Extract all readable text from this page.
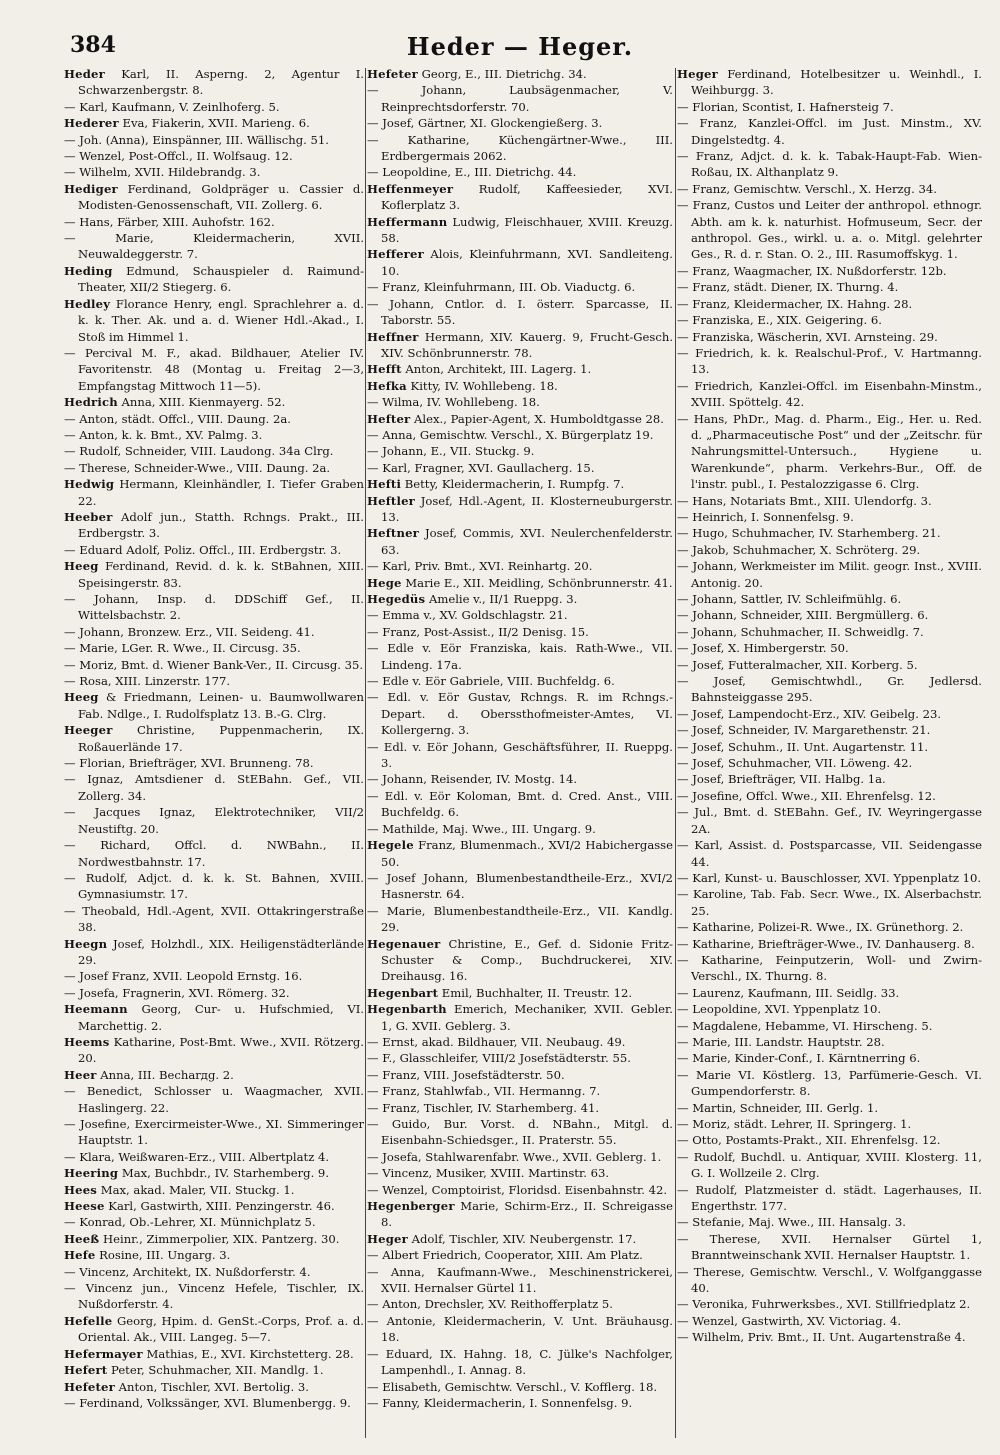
384	Heder — Heger.

Heder Karl, II. Asperng. 2, Agentur I. Schwarzenbergstr. 8.

— Karl, Kaufmann, V. Zeinlhoferg. 5.

Hederer Eva, Fiakerin, XVII. Marieng. 6.

— Joh. (Anna), Einspänner, III. Wällischg. 51.

— Wenzel, Post-Offcl., II. Wolfsaug. 12.

— Wilhelm, XVII. Hildebrandg. 3.

Hediger Ferdinand, Goldpräger u. Cassier d. Modisten-Genossenschaft, VII. Zollerg. 6.

— Hans, Färber, XIII. Auhofstr. 162.

— Marie, Kleidermacherin, XVII. Neuwaldeggerstr. 7.

Heding Edmund, Schauspieler d. Raimund-Theater, XII/2 Stiegerg. 6.

Hedley Florance Henry, engl. Sprachlehrer a. d. k. k. Ther. Ak. und a. d. Wiener Hdl.-Akad., I. Stoß im Himmel 1.

— Percival M. F., akad. Bildhauer, Atelier IV. Favoritenstr. 48 (Montag u. Freitag 2—3, Empfangstag Mittwoch 11—5).

Hedrich Anna, XIII. Kienmayerg. 52.

— Anton, städt. Offcl., VIII. Daung. 2a.

— Anton, k. k. Bmt., XV. Palmg. 3.

— Rudolf, Schneider, VIII. Laudong. 34a Clrg.

— Therese, Schneider-Wwe., VIII. Daung. 2a.

Hedwig Hermann, Kleinhändler, I. Tiefer Graben 22.

Heeber Adolf jun., Statth. Rchngs. Prakt., III. Erdbergstr. 3.

— Eduard Adolf, Poliz. Offcl., III. Erdbergstr. 3.

Heeg Ferdinand, Revid. d. k. k. StBahnen, XIII. Speisingerstr. 83.

— Johann, Insp. d. DDSchiff Gef., II. Wittelsbachstr. 2.

— Johann, Bronzew. Erz., VII. Seideng. 41.

— Marie, LGer. R. Wwe., II. Circusg. 35.

— Moriz, Bmt. d. Wiener Bank-Ver., II. Circusg. 35.

— Rosa, XIII. Linzerstr. 177.

Heeg & Friedmann, Leinen- u. Baumwollwaren Fab. Ndlge., I. Rudolfsplatz 13. B.-G. Clrg.

Heeger Christine, Puppenmacherin, IX. Roßauerlände 17.

— Florian, Briefträger, XVI. Brunneng. 78.

— Ignaz, Amtsdiener d. StEBahn. Gef., VII. Zollerg. 34.

— Jacques Ignaz, Elektrotechniker, VII/2 Neustiftg. 20.

— Richard, Offcl. d. NWBahn., II. Nordwestbahnstr. 17.

— Rudolf, Adjct. d. k. k. St. Bahnen, XVIII. Gymnasiumstr. 17.

— Theobald, Hdl.-Agent, XVII. Ottakringerstraße 38.

Heegn Josef, Holzhdl., XIX. Heiligenstädterlände 29.

— Josef Franz, XVII. Leopold Ernstg. 16.

— Josefa, Fragnerin, XVI. Römerg. 32.

Heemann Georg, Cur- u. Hufschmied, VI. Marchettig. 2.

Heems Katharine, Post-Bmt. Wwe., XVII. Rötzerg. 20.

Heer Anna, III. Becharдg. 2.

— Benedict, Schlosser u. Waagmacher, XVII. Haslingerg. 22.

— Josefine, Exercirmeister-Wwe., XI. Simmeringer Hauptstr. 1.

— Klara, Weißwaren-Erz., VIII. Albertplatz 4.

Heering Max, Buchbdr., IV. Starhemberg. 9.

Hees Max, akad. Maler, VII. Stuckg. 1.

Heese Karl, Gastwirth, XIII. Penzingerstr. 46.

— Konrad, Ob.-Lehrer, XI. Münnichplatz 5.

Heeß Heinr., Zimmerpolier, XIX. Pantzerg. 30.

Hefe Rosine, III. Ungarg. 3.

— Vincenz, Architekt, IX. Nußdorferstr. 4.

— Vincenz jun., Vincenz Hefele, Tischler, IX. Nußdorferstr. 4.

Hefelle Georg, Hpim. d. GenSt.-Corps, Prof. a. d. Oriental. Ak., VIII. Langeg. 5—7.

Hefermayer Mathias, E., XVI. Kirchstetterg. 28.

Hefert Peter, Schuhmacher, XII. Mandlg. 1.

Hefeter Anton, Tischler, XVI. Bertolig. 3.

— Ferdinand, Volkssänger, XVI. Blumenbergg. 9.

Hefeter Georg, E., III. Dietrichg. 34.

— Johann, Laubsägenmacher, V. Reinprechtsdorferstr. 70.

— Josef, Gärtner, XI. Glockengießerg. 3.

— Katharine, Küchengärtner-Wwe., III. Erdbergermais 2062.

— Leopoldine, E., III. Dietrichg. 44.

Heffenmeyer Rudolf, Kaffeesieder, XVI. Koflerplatz 3.

Heffermann Ludwig, Fleischhauer, XVIII. Kreuzg. 58.

Hefferer Alois, Kleinfuhrmann, XVI. Sandleiteng. 10.

— Franz, Kleinfuhrmann, III. Ob. Viaductg. 6.

— Johann, Cntlor. d. I. österr. Sparcasse, II. Taborstr. 55.

Heffner Hermann, XIV. Kauerg. 9, Frucht-Gesch. XIV. Schönbrunnerstr. 78.

Hefft Anton, Architekt, III. Lagerg. 1.

Hefka Kitty, IV. Wohllebeng. 18.

— Wilma, IV. Wohllebeng. 18.

Hefter Alex., Papier-Agent, X. Humboldtgasse 28.

— Anna, Gemischtw. Verschl., X. Bürgerplatz 19.

— Johann, E., VII. Stuckg. 9.

— Karl, Fragner, XVI. Gaullacherg. 15.

Hefti Betty, Kleidermacherin, I. Rumpfg. 7.

Heftler Josef, Hdl.-Agent, II. Klosterneuburgerstr. 13.

Heftner Josef, Commis, XVI. Neulerchenfelderstr. 63.

— Karl, Priv. Bmt., XVI. Reinhartg. 20.

Hege Marie E., XII. Meidling, Schönbrunnerstr. 41.

Hegedüs Amelie v., II/1 Rueppg. 3.

— Emma v., XV. Goldschlagstr. 21.

— Franz, Post-Assist., II/2 Denisg. 15.

— Edle v. Eör Franziska, kais. Rath-Wwe., VII. Lindeng. 17a.

— Edle v. Eör Gabriele, VIII. Buchfeldg. 6.

— Edl. v. Eör Gustav, Rchngs. R. im Rchngs.-Depart. d. Oberssthofmeister-Amtes, VI. Kollergerng. 3.

— Edl. v. Eör Johann, Geschäftsführer, II. Rueppg. 3.

— Johann, Reisender, IV. Mostg. 14.

— Edl. v. Eör Koloman, Bmt. d. Cred. Anst., VIII. Buchfeldg. 6.

— Mathilde, Maj. Wwe., III. Ungarg. 9.

Hegele Franz, Blumenmach., XVI/2 Habichergasse 50.

— Josef Johann, Blumenbestandtheile-Erz., XVI/2 Hasnerstr. 64.

— Marie, Blumenbestandtheile-Erz., VII. Kandlg. 29.

Hegenauer Christine, E., Gef. d. Sidonie Fritz-Schuster & Comp., Buchdruckerei, XIV. Dreihausg. 16.

Hegenbart Emil, Buchhalter, II. Treustr. 12.

Hegenbarth Emerich, Mechaniker, XVII. Gebler. 1, G. XVII. Geblerg. 3.

— Ernst, akad. Bildhauer, VII. Neubaug. 49.

— F., Glasschleifer, VIII/2 Josefstädterstr. 55.

— Franz, VIII. Josefstädterstr. 50.

— Franz, Stahlwfab., VII. Hermanng. 7.

— Franz, Tischler, IV. Starhemberg. 41.

— Guido, Bur. Vorst. d. NBahn., Mitgl. d. Eisenbahn-Schiedsger., II. Praterstr. 55.

— Josefa, Stahlwarenfabr. Wwe., XVII. Geblerg. 1.

— Vincenz, Musiker, XVIII. Martinstr. 63.

— Wenzel, Comptoirist, Floridsd. Eisenbahnstr. 42.

Hegenberger Marie, Schirm-Erz., II. Schreigasse 8.

Heger Adolf, Tischler, XIV. Neubergenstr. 17.

— Albert Friedrich, Cooperator, XIII. Am Platz.

— Anna, Kaufmann-Wwe., Meschinenstrickerei, XVII. Hernalser Gürtel 11.

— Anton, Drechsler, XV. Reithofferplatz 5.

— Antonie, Kleidermacherin, V. Unt. Bräuhausg. 18.

— Eduard, IX. Hahng. 18, C. Jülke's Nachfolger, Lampenhdl., I. Annag. 8.

— Elisabeth, Gemischtw. Verschl., V. Kofflerg. 18.

— Fanny, Kleidermacherin, I. Sonnenfelsg. 9.

Heger Ferdinand, Hotelbesitzer u. Weinhdl., I. Weihburgg. 3.

— Florian, Scontist, I. Hafnersteig 7.

— Franz, Kanzlei-Offcl. im Just. Minstm., XV. Dingelstedtg. 4.

— Franz, Adjct. d. k. k. Tabak-Haupt-Fab. Wien-Roßau, IX. Althanplatz 9.

— Franz, Gemischtw. Verschl., X. Herzg. 34.

— Franz, Custos und Leiter der anthropol. ethnogr. Abth. am k. k. naturhist. Hofmuseum, Secr. der anthropol. Ges., wirkl. u. a. o. Mitgl. gelehrter Ges., R. d. r. Stan. O. 2., III. Rasumoffskyg. 1.

— Franz, Waagmacher, IX. Nußdorferstr. 12b.

— Franz, städt. Diener, IX. Thurng. 4.

— Franz, Kleidermacher, IX. Hahng. 28.

— Franziska, E., XIX. Geigering. 6.

— Franziska, Wäscherin, XVI. Arnsteing. 29.

— Friedrich, k. k. Realschul-Prof., V. Hartmanng. 13.

— Friedrich, Kanzlei-Offcl. im Eisenbahn-Minstm., XVIII. Spöttelg. 42.

— Hans, PhDr., Mag. d. Pharm., Eig., Her. u. Red. d. „Pharmaceutische Post“ und der „Zeitschr. für Nahrungsmittel-Untersuch., Hygiene u. Warenkunde“, pharm. Verkehrs-Bur., Off. de l'instr. publ., I. Pestalozzigasse 6. Clrg.

— Hans, Notariats Bmt., XIII. Ulendorfg. 3.

— Heinrich, I. Sonnenfelsg. 9.

— Hugo, Schuhmacher, IV. Starhemberg. 21.

— Jakob, Schuhmacher, X. Schröterg. 29.

— Johann, Werkmeister im Milit. geogr. Inst., XVIII. Antonig. 20.

— Johann, Sattler, IV. Schleifmühlg. 6.

— Johann, Schneider, XIII. Bergmüllerg. 6.

— Johann, Schuhmacher, II. Schweidlg. 7.

— Josef, X. Himbergerstr. 50.

— Josef, Futteralmacher, XII. Korberg. 5.

— Josef, Gemischtwhdl., Gr. Jedlersd. Bahnsteiggasse 295.

— Josef, Lampendocht-Erz., XIV. Geibelg. 23.

— Josef, Schneider, IV. Margarethenstr. 21.

— Josef, Schuhm., II. Unt. Augartenstr. 11.

— Josef, Schuhmacher, VII. Löweng. 42.

— Josef, Briefträger, VII. Halbg. 1a.

— Josefine, Offcl. Wwe., XII. Ehrenfelsg. 12.

— Jul., Bmt. d. StEBahn. Gef., IV. Weyringergasse 2A.

— Karl, Assist. d. Postsparcasse, VII. Seidengasse 44.

— Karl, Kunst- u. Bauschlosser, XVI. Yppenplatz 10.

— Karoline, Tab. Fab. Secr. Wwe., IX. Alserbachstr. 25.

— Katharine, Polizei-R. Wwe., IX. Grünethorg. 2.

— Katharine, Briefträger-Wwe., IV. Danhauserg. 8.

— Katharine, Feinputzerin, Woll- und Zwirn-Verschl., IX. Thurng. 8.

— Laurenz, Kaufmann, III. Seidlg. 33.

— Leopoldine, XVI. Yppenplatz 10.

— Magdalene, Hebamme, VI. Hirscheng. 5.

— Marie, III. Landstr. Hauptstr. 28.

— Marie, Kinder-Conf., I. Kärntnerring 6.

— Marie VI. Köstlerg. 13, Parfümerie-Gesch. VI. Gumpendorferstr. 8.

— Martin, Schneider, III. Gerlg. 1.

— Moriz, städt. Lehrer, II. Springerg. 1.

— Otto, Postamts-Prakt., XII. Ehrenfelsg. 12.

— Rudolf, Buchdl. u. Antiquar, XVIII. Klosterg. 11, G. I. Wollzeile 2. Clrg.

— Rudolf, Platzmeister d. städt. Lagerhauses, II. Engerthstr. 177.

— Stefanie, Maj. Wwe., III. Hansalg. 3.

— Therese, XVII. Hernalser Gürtel 1, Branntweinschank XVII. Hernalser Hauptstr. 1.

— Therese, Gemischtw. Verschl., V. Wolfganggasse 40.

— Veronika, Fuhrwerksbes., XVI. Stillfriedplatz 2.

— Wenzel, Gastwirth, XV. Victoriag. 4.

— Wilhelm, Priv. Bmt., II. Unt. Augartenstraße 4.
